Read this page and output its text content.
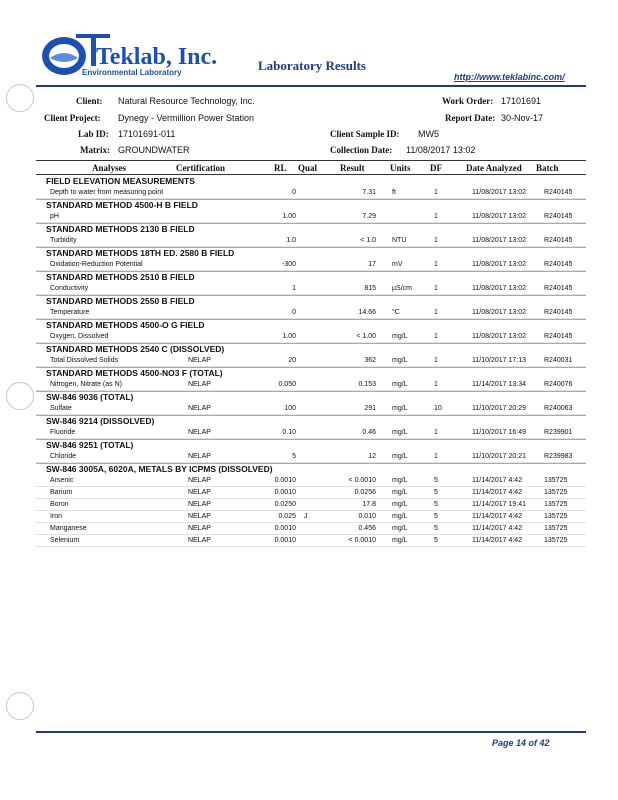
Teklab, Inc.
Environmental Laboratory	Laboratory Results
http://www.teklabinc.com/
Client: Natural Resource Technology, Inc.	Work Order: 17101691
Client Project: Dynegy - Vermillion Power Station	Report Date: 30-Nov-17
Lab ID: 17101691-011	Client Sample ID: MW5
Matrix: GROUNDWATER	Collection Date: 11/08/2017 13:02
Analyses	Certification	RL Qual	Result	Units DF	Date Analyzed Batch
FIELD ELEVATION MEASUREMENTS
Depth to water from measuring point	0	7.31 ft	1	11/08/2017 13:02	R240145
STANDARD METHOD 4500-H B FIELD
pH	1.00	7.29	1	11/08/2017 13:02	R240145
STANDARD METHODS 2130 B FIELD
Turbidity	1.0	< 1.0 NTU	1	11/08/2017 13:02	R240145
STANDARD METHODS 18TH ED. 2580 B FIELD
Oxidation-Reduction Potential	-300	17 mV	1	11/08/2017 13:02	R240145
STANDARD METHODS 2510 B FIELD
Conductivity	1	815 µS/cm	1	11/08/2017 13:02	R240145
STANDARD METHODS 2550 B FIELD
Temperature	0	14.66 °C	1	11/08/2017 13:02	R240145
STANDARD METHODS 4500-O G FIELD
Oxygen, Dissolved	1.00	< 1.00 mg/L	1	11/08/2017 13:02	R240145
STANDARD METHODS 2540 C (DISSOLVED)
Total Dissolved Solids	NELAP	20	362 mg/L	1	11/10/2017 17:13	R240031
STANDARD METHODS 4500-NO3 F (TOTAL)
Nitrogen, Nitrate (as N)	NELAP	0.050	0.153 mg/L	1	11/14/2017 13:34	R240076
SW-846 9036 (TOTAL)
Sulfate	NELAP	100	291 mg/L	10	11/10/2017 20:29	R240063
SW-846 9214 (DISSOLVED)
Fluoride	NELAP	0.10	0.46 mg/L	1	11/10/2017 16:49	R239901
SW-846 9251 (TOTAL)
Chloride	NELAP	5	12 mg/L	1	11/10/2017 20:21	R239983
SW-846 3005A, 6020A, METALS BY ICPMS (DISSOLVED)
Arsenic	NELAP	0.0010	< 0.0010 mg/L	5	11/14/2017 4:42	135725
Barium	NELAP	0.0010	0.0256 mg/L	5	11/14/2017 4:42	135725
Boron	NELAP	0.0250	17.8 mg/L	5	11/14/2017 19:41	135725
Iron	NELAP	0.025 J	0.010 mg/L	5	11/14/2017 4:42	135725
Manganese	NELAP	0.0010	0.456 mg/L	5	11/14/2017 4:42	135725
Selenium	NELAP	0.0010	< 0.0010 mg/L	5	11/14/2017 4:42	135725
Page 14 of 42
